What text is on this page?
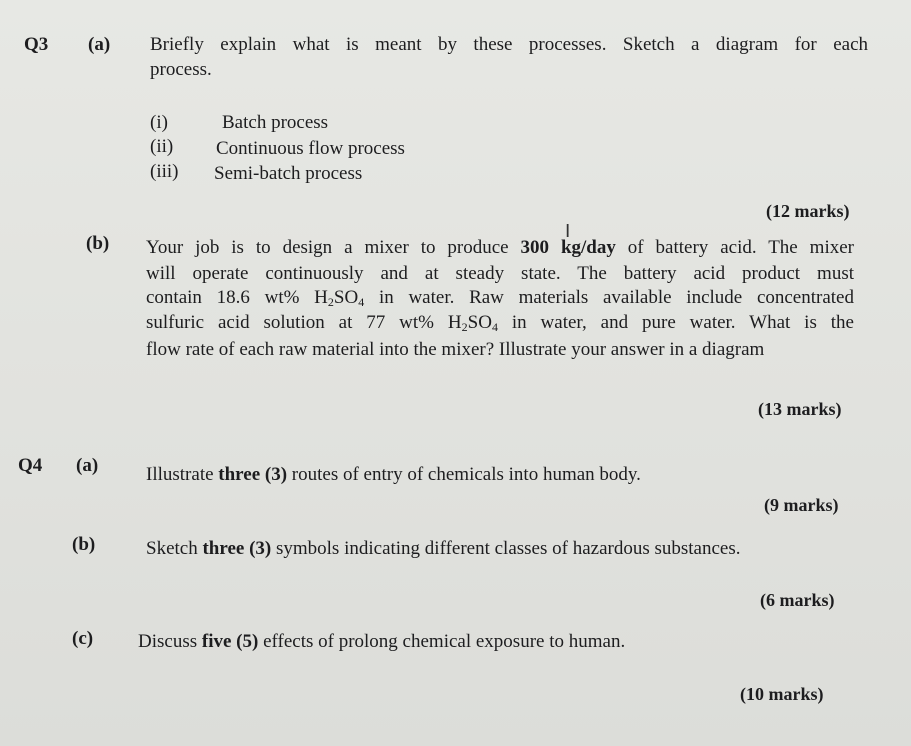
Q3 (a) Briefly explain what is meant by these processes. Sketch a diagram for each
process.
(i)	Batch process
(ii) Continuous flow process
(iii) Semi-batch process
(12 marks)
I
(b) Your job is to design a mixer to produce 300 kg/day of battery acid. The mixer
will operate continuously and at steady state. The battery acid product must
contain 18.6 wt% $H_2SO_4$ in water. Raw materials available include concentrated
sulfuric acid solution at 77 wt% $H_2SO_4$ in water, and pure water. What is the
flow rate of each raw material into the mixer? Illustrate your answer in a diagram
(13 marks)
Q4 (a)	Illustrate three (3) routes of entry of chemicals into human body.
(9 marks)
(b)	Sketch three (3) symbols indicating different classes of hazardous substances.
(6 marks)
(c) Discuss five (5) effects of prolong chemical exposure to human.
(10 marks)
